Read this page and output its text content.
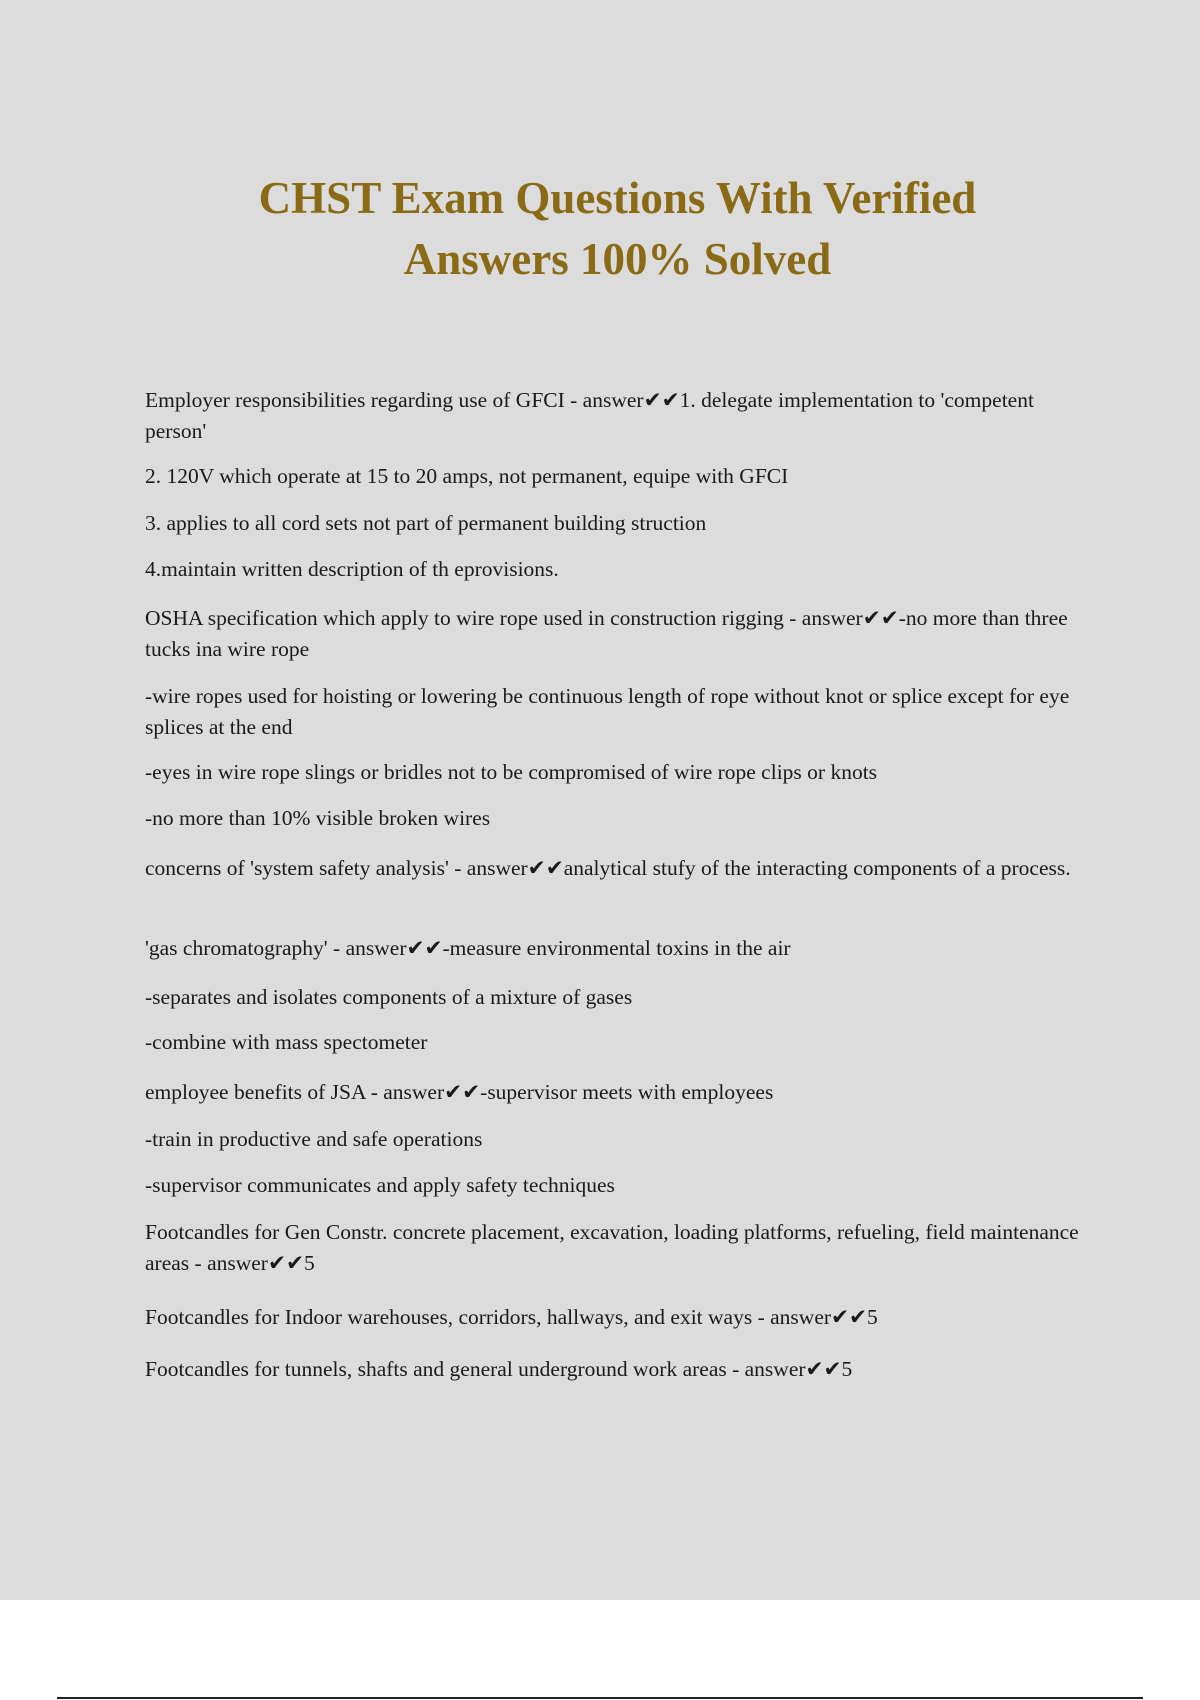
CHST Exam Questions With Verified
Answers 100% Solved

Employer responsibilities regarding use of GFCI - answer✔✔1. delegate implementation to 'competent person'

2. 120V which operate at 15 to 20 amps, not permanent, equipe with GFCI

3. applies to all cord sets not part of permanent building struction

4.maintain written description of th eprovisions.

OSHA specification which apply to wire rope used in construction rigging - answer✔✔-no more than three tucks ina wire rope

-wire ropes used for hoisting or lowering be continuous length of rope without knot or splice except for eye splices at the end

-eyes in wire rope slings or bridles not to be compromised of wire rope clips or knots

-no more than 10% visible broken wires

concerns of 'system safety analysis' - answer✔✔analytical stufy of the interacting components of a process.

'gas chromatography' - answer✔✔-measure environmental toxins in the air

-separates and isolates components of a mixture of gases

-combine with mass spectometer

employee benefits of JSA - answer✔✔-supervisor meets with employees

-train in productive and safe operations

-supervisor communicates and apply safety techniques

Footcandles for Gen Constr. concrete placement, excavation, loading platforms, refueling, field maintenance areas - answer✔✔5

Footcandles for Indoor warehouses, corridors, hallways, and exit ways - answer✔✔5

Footcandles for tunnels, shafts and general underground work areas - answer✔✔5
